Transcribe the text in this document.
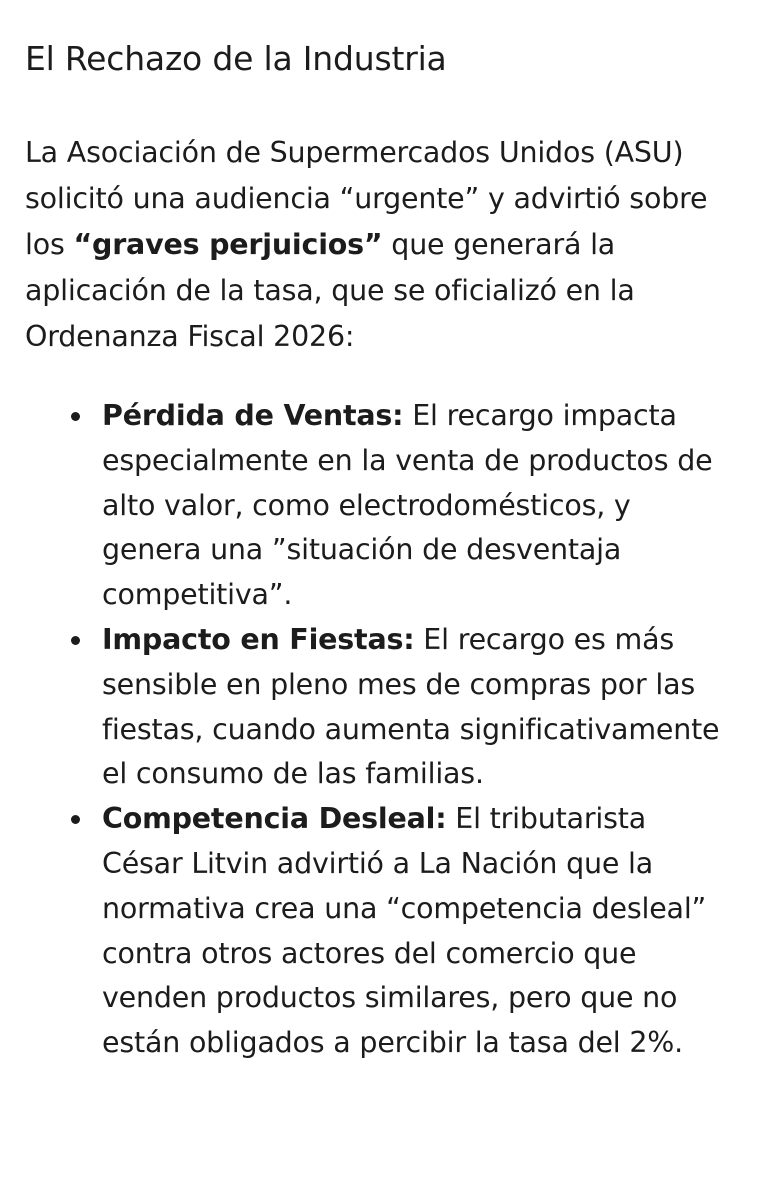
El Rechazo de la Industria

La Asociación de Supermercados Unidos (ASU) solicitó una audiencia “urgente” y advirtió sobre los “graves perjuicios” que generará la aplicación de la tasa, que se oficializó en la Ordenanza Fiscal 2026:

Pérdida de Ventas: El recargo impacta especialmente en la venta de productos de alto valor, como electrodomésticos, y genera una ”situación de desventaja competitiva”.
Impacto en Fiestas: El recargo es más sensible en pleno mes de compras por las fiestas, cuando aumenta significativamente el consumo de las familias.
Competencia Desleal: El tributarista César Litvin advirtió a La Nación que la normativa crea una “competencia desleal” contra otros actores del comercio que venden productos similares, pero que no están obligados a percibir la tasa del 2%.
